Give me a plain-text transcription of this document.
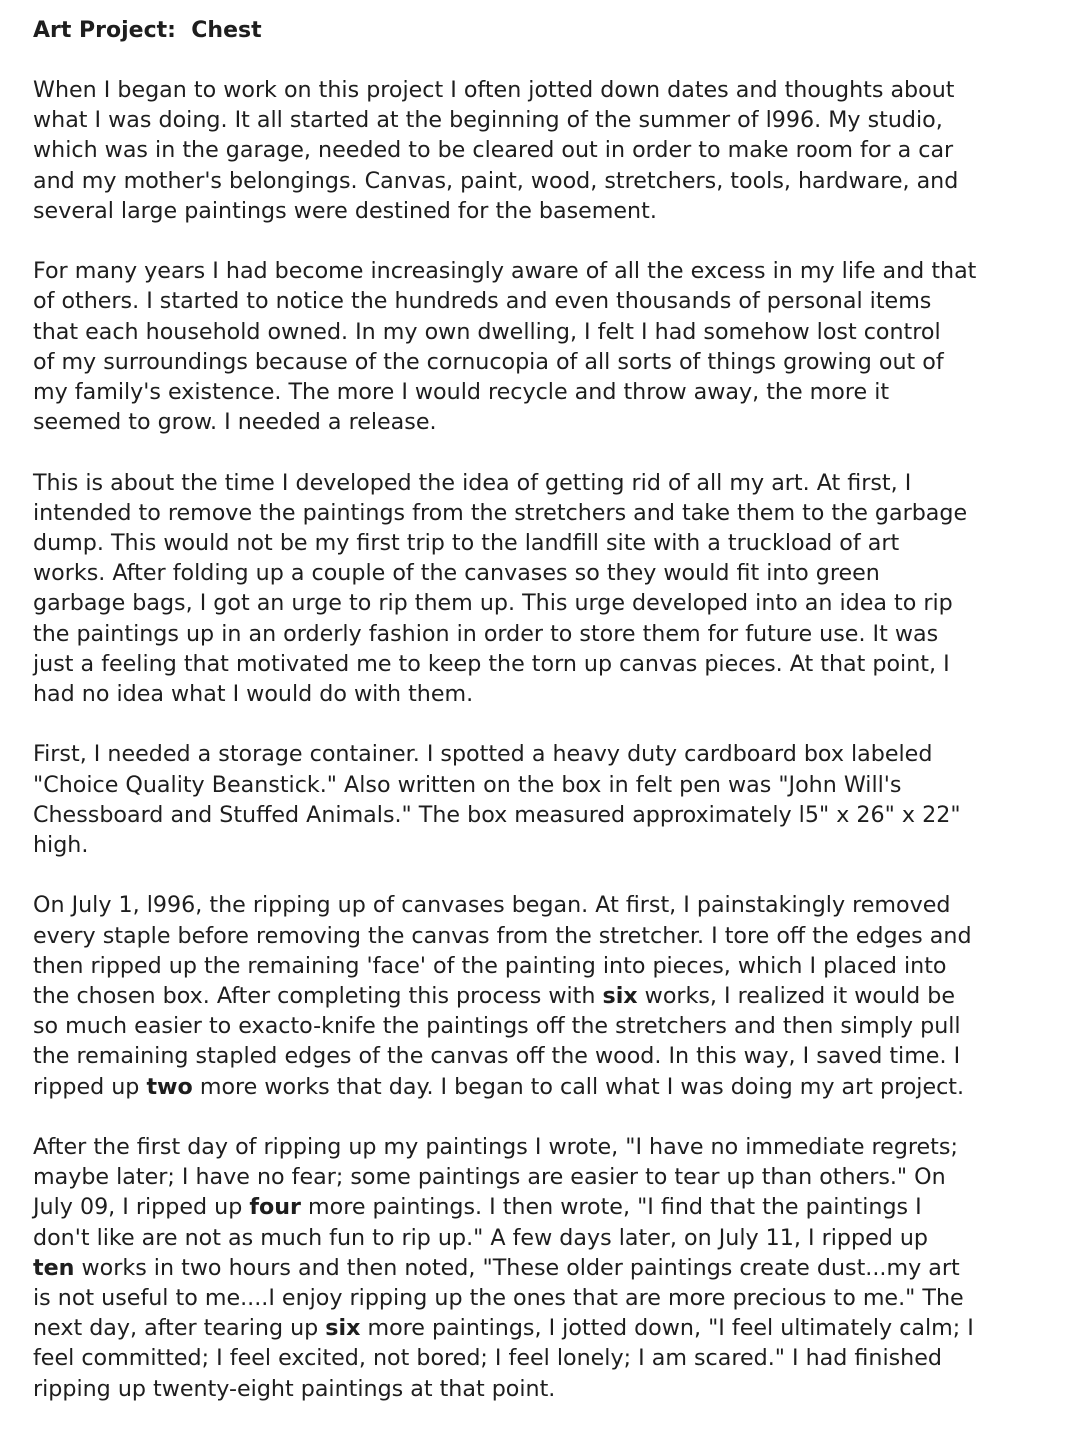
Art Project:  Chest
When I began to work on this project I often jotted down dates and thoughts about
what I was doing. It all started at the beginning of the summer of l996. My studio,
which was in the garage, needed to be cleared out in order to make room for a car
and my mother's belongings. Canvas, paint, wood, stretchers, tools, hardware, and
several large paintings were destined for the basement.
For many years I had become increasingly aware of all the excess in my life and that
of others. I started to notice the hundreds and even thousands of personal items
that each household owned. In my own dwelling, I felt I had somehow lost control
of my surroundings because of the cornucopia of all sorts of things growing out of
my family's existence. The more I would recycle and throw away, the more it
seemed to grow. I needed a release.
This is about the time I developed the idea of getting rid of all my art. At first, I
intended to remove the paintings from the stretchers and take them to the garbage
dump. This would not be my first trip to the landfill site with a truckload of art
works. After folding up a couple of the canvases so they would fit into green
garbage bags, I got an urge to rip them up. This urge developed into an idea to rip
the paintings up in an orderly fashion in order to store them for future use. It was
just a feeling that motivated me to keep the torn up canvas pieces. At that point, I
had no idea what I would do with them.
First, I needed a storage container. I spotted a heavy duty cardboard box labeled
"Choice Quality Beanstick." Also written on the box in felt pen was "John Will's
Chessboard and Stuffed Animals." The box measured approximately l5" x 26" x 22"
high.
On July 1, l996, the ripping up of canvases began. At first, I painstakingly removed
every staple before removing the canvas from the stretcher. I tore off the edges and
then ripped up the remaining 'face' of the painting into pieces, which I placed into
the chosen box. After completing this process with six works, I realized it would be
so much easier to exacto-knife the paintings off the stretchers and then simply pull
the remaining stapled edges of the canvas off the wood. In this way, I saved time. I
ripped up two more works that day. I began to call what I was doing my art project.
After the first day of ripping up my paintings I wrote, "I have no immediate regrets;
maybe later; I have no fear; some paintings are easier to tear up than others." On
July 09, I ripped up four more paintings. I then wrote, "I find that the paintings I
don't like are not as much fun to rip up." A few days later, on July 11, I ripped up
ten works in two hours and then noted, "These older paintings create dust...my art
is not useful to me....I enjoy ripping up the ones that are more precious to me." The
next day, after tearing up six more paintings, I jotted down, "I feel ultimately calm; I
feel committed; I feel excited, not bored; I feel lonely; I am scared." I had finished
ripping up twenty-eight paintings at that point.
